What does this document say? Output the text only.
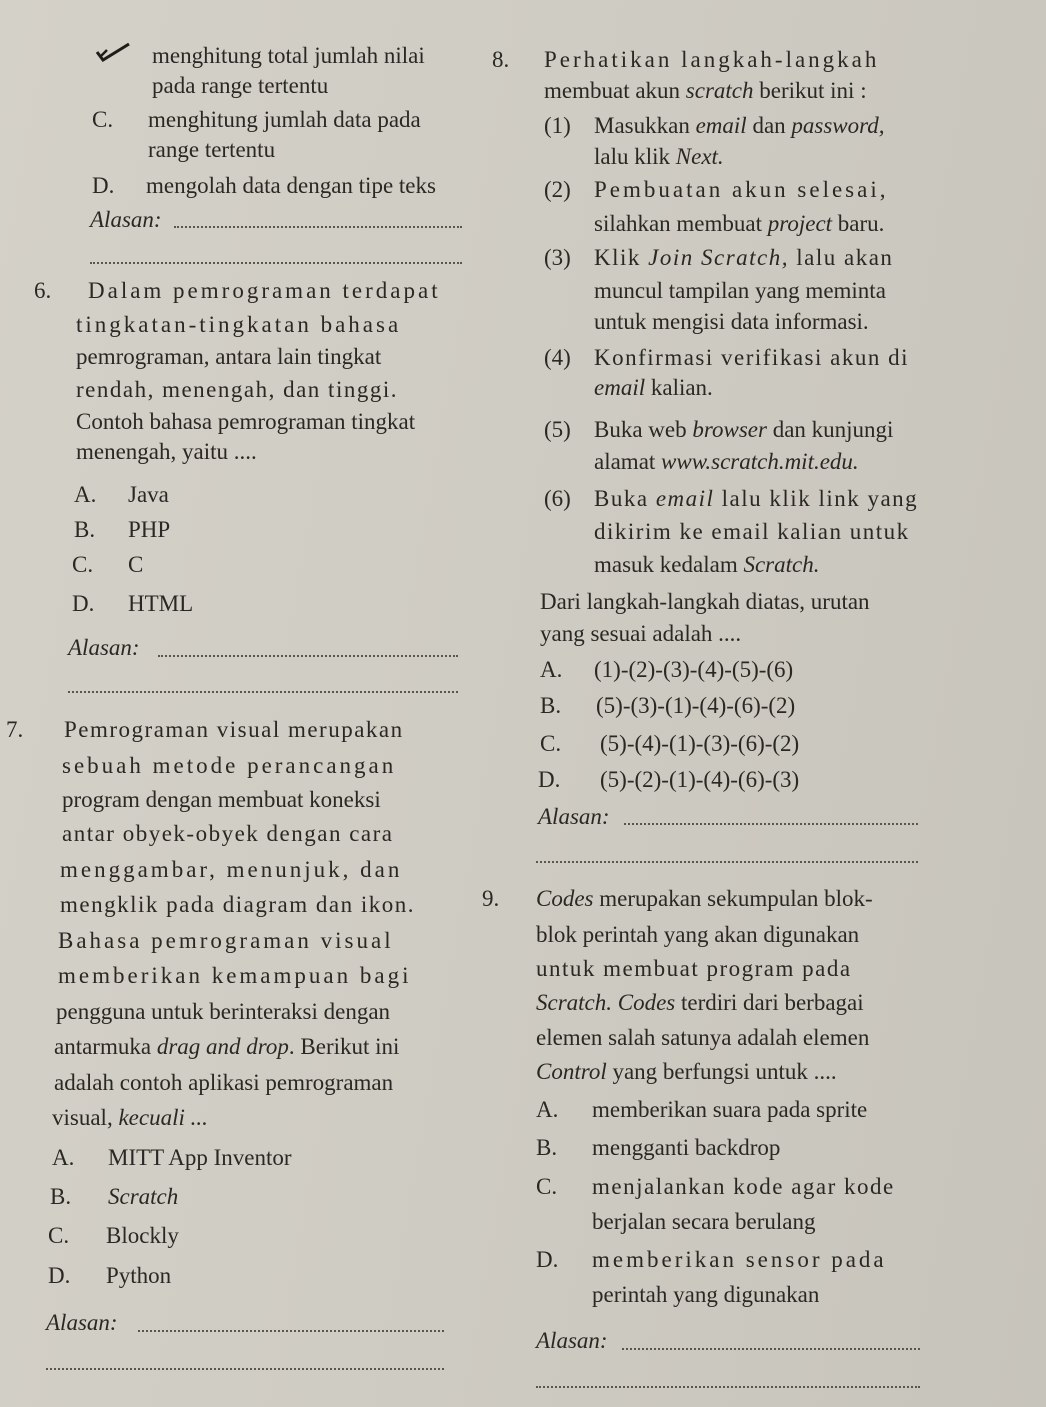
menghitung total jumlah nilai
pada range tertentu
C. menghitung jumlah data pada
range tertentu
D. mengolah data dengan tipe teks
Alasan:
6. Dalam pemrograman terdapat
tingkatan-tingkatan bahasa
pemrograman, antara lain tingkat
rendah, menengah, dan tinggi.
Contoh bahasa pemrograman tingkat
menengah, yaitu ....
A. Java
B. PHP
C. C
D. HTML
Alasan:
7. Pemrograman visual merupakan
sebuah metode perancangan
program dengan membuat koneksi
antar obyek-obyek dengan cara
menggambar, menunjuk, dan
mengklik pada diagram dan ikon.
Bahasa pemrograman visual
memberikan kemampuan bagi
pengguna untuk berinteraksi dengan
antarmuka drag and drop. Berikut ini
adalah contoh aplikasi pemrograman
visual, kecuali ...
A. MITT App Inventor
B. Scratch
C. Blockly
D. Python
Alasan:
8. Perhatikan langkah-langkah
membuat akun scratch berikut ini :
(1) Masukkan email dan password,
lalu klik Next.
(2) Pembuatan akun selesai,
silahkan membuat project baru.
(3) Klik Join Scratch, lalu akan
muncul tampilan yang meminta
untuk mengisi data informasi.
(4) Konfirmasi verifikasi akun di
email kalian.
(5) Buka web browser dan kunjungi
alamat www.scratch.mit.edu.
(6) Buka email lalu klik link yang
dikirim ke email kalian untuk
masuk kedalam Scratch.
Dari langkah-langkah diatas, urutan
yang sesuai adalah ....
A. (1)-(2)-(3)-(4)-(5)-(6)
B. (5)-(3)-(1)-(4)-(6)-(2)
C. (5)-(4)-(1)-(3)-(6)-(2)
D. (5)-(2)-(1)-(4)-(6)-(3)
Alasan:
9. Codes merupakan sekumpulan blok-
blok perintah yang akan digunakan
untuk membuat program pada
Scratch. Codes terdiri dari berbagai
elemen salah satunya adalah elemen
Control yang berfungsi untuk ....
A. memberikan suara pada sprite
B. mengganti backdrop
C. menjalankan kode agar kode
berjalan secara berulang
D. memberikan sensor pada
perintah yang digunakan
Alasan:
